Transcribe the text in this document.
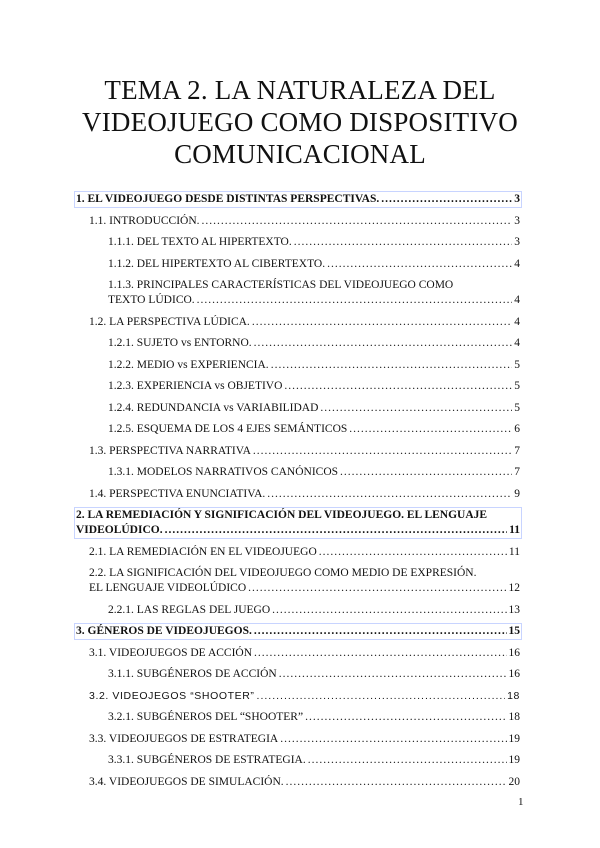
TEMA 2. LA NATURALEZA DEL
VIDEOJUEGO COMO DISPOSITIVO
COMUNICACIONAL
1. EL VIDEOJUEGO DESDE DISTINTAS PERSPECTIVAS. .....	3
1.1. INTRODUCCIÓN. .....	3
1.1.1. DEL TEXTO AL HIPERTEXTO. .....	3
1.1.2. DEL HIPERTEXTO AL CIBERTEXTO. .....	4
1.1.3. PRINCIPALES CARACTERÍSTICAS DEL VIDEOJUEGO COMO
TEXTO LÚDICO. .....	4
1.2. LA PERSPECTIVA LÚDICA. .....	4
1.2.1. SUJETO vs ENTORNO. .....	4
1.2.2. MEDIO vs EXPERIENCIA. .....	5
1.2.3. EXPERIENCIA vs OBJETIVO .....	5
1.2.4. REDUNDANCIA vs VARIABILIDAD .....	5
1.2.5. ESQUEMA DE LOS 4 EJES SEMÁNTICOS .....	6
1.3. PERSPECTIVA NARRATIVA .....	7
1.3.1. MODELOS NARRATIVOS CANÓNICOS .....	7
1.4. PERSPECTIVA ENUNCIATIVA. .....	9
2. LA REMEDIACIÓN Y SIGNIFICACIÓN DEL VIDEOJUEGO. EL LENGUAJE
VIDEOLÚDICO. .....	11
2.1. LA REMEDIACIÓN EN EL VIDEOJUEGO .....	11
2.2. LA SIGNIFICACIÓN DEL VIDEOJUEGO COMO MEDIO DE EXPRESIÓN.
EL LENGUAJE VIDEOLÚDICO .....	12
2.2.1. LAS REGLAS DEL JUEGO .....	13
3. GÉNEROS DE VIDEOJUEGOS. .....	15
3.1. VIDEOJUEGOS DE ACCIÓN .....	16
3.1.1. SUBGÉNEROS DE ACCIÓN .....	16
3.2. VIDEOJEGOS “SHOOTER” .....	18
3.2.1. SUBGÉNEROS DEL “SHOOTER” .....	18
3.3. VIDEOJUEGOS DE ESTRATEGIA .....	19
3.3.1. SUBGÉNEROS DE ESTRATEGIA. .....	19
3.4. VIDEOJUEGOS DE SIMULACIÓN. .....	20
1
